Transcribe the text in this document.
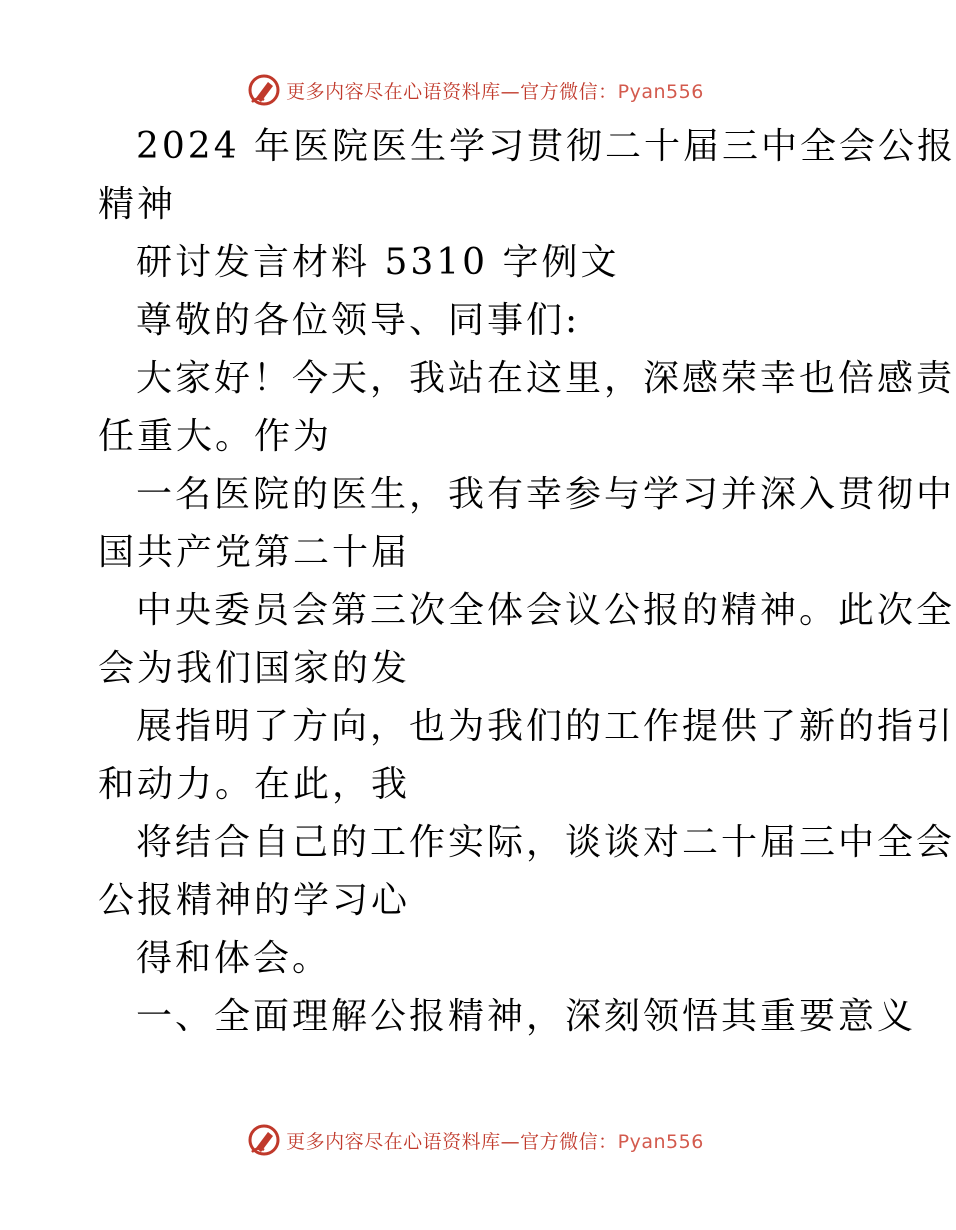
更多内容尽在心语资料库—官方微信：Pyan556
2024 年医院医生学习贯彻二十届三中全会公报
精神
研讨发言材料 5310 字例文
尊敬的各位领导、同事们:
大家好！今天，我站在这里，深感荣幸也倍感责
任重大。作为
一名医院的医生，我有幸参与学习并深入贯彻中
国共产党第二十届
中央委员会第三次全体会议公报的精神。此次全
会为我们国家的发
展指明了方向，也为我们的工作提供了新的指引
和动力。在此，我
将结合自己的工作实际，谈谈对二十届三中全会
公报精神的学习心
得和体会。
一、全面理解公报精神，深刻领悟其重要意义
更多内容尽在心语资料库—官方微信：Pyan556
